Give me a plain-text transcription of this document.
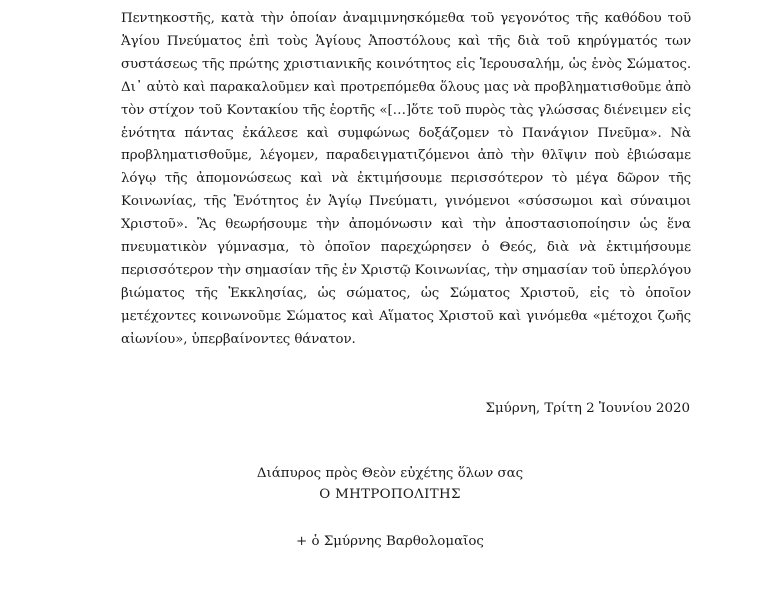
Πεντηκοστῆς, κατὰ τὴν ὁποίαν ἀναμιμνησκόμεθα τοῦ γεγονότος τῆς καθόδου τοῦ Ἁγίου Πνεύματος ἐπὶ τοὺς Ἁγίους Ἀποστόλους καὶ τῆς διὰ τοῦ κηρύγματός των συστάσεως τῆς πρώτης χριστιανικῆς κοινότητος εἰς Ἱερουσαλήμ, ὡς ἑνὸς Σώματος. Δι᾽ αὐτὸ καὶ παρακαλοῦμεν καὶ προτρεπόμεθα ὅλους μας νὰ προβληματισθοῦμε ἀπὸ τὸν στίχον τοῦ Κοντακίου τῆς ἑορτῆς «[…]ὅτε τοῦ πυρὸς τὰς γλώσσας διένειμεν εἰς ἑνότητα πάντας ἐκάλεσε καὶ συμφώνως δοξάζομεν τὸ Πανάγιον Πνεῦμα». Νὰ προβληματισθοῦμε, λέγομεν, παραδειγματιζόμενοι ἀπὸ τὴν θλῖψιν ποὺ ἐβιώσαμε λόγῳ τῆς ἀπομονώσεως καὶ νὰ ἐκτιμήσουμε περισσότερον τὸ μέγα δῶρον τῆς Κοινωνίας, τῆς Ἑνότητος ἐν Ἁγίῳ Πνεύματι, γινόμενοι «σύσσωμοι καὶ σύναιμοι Χριστοῦ». Ἂς θεωρήσουμε τὴν ἀπομόνωσιν καὶ τὴν ἀποστασιοποίησιν ὡς ἕνα πνευματικὸν γύμνασμα, τὸ ὁποῖον παρεχώρησεν ὁ Θεός, διὰ νὰ ἐκτιμήσουμε περισσότερον τὴν σημασίαν τῆς ἐν Χριστῷ Κοινωνίας, τὴν σημασίαν τοῦ ὑπερλόγου βιώματος τῆς Ἐκκλησίας, ὡς σώματος, ὡς Σώματος Χριστοῦ, εἰς τὸ ὁποῖον μετέχοντες κοινωνοῦμε Σώματος καὶ Αἵματος Χριστοῦ καὶ γινόμεθα «μέτοχοι ζωῆς αἰωνίου», ὑπερβαίνοντες θάνατον.

Σμύρνη, Τρίτη 2 Ἰουνίου 2020
Διάπυρος πρὸς Θεὸν εὐχέτης ὅλων σας
Ο ΜΗΤΡΟΠΟΛΙΤΗΣ
+ ὁ Σμύρνης Βαρθολομαῖος
